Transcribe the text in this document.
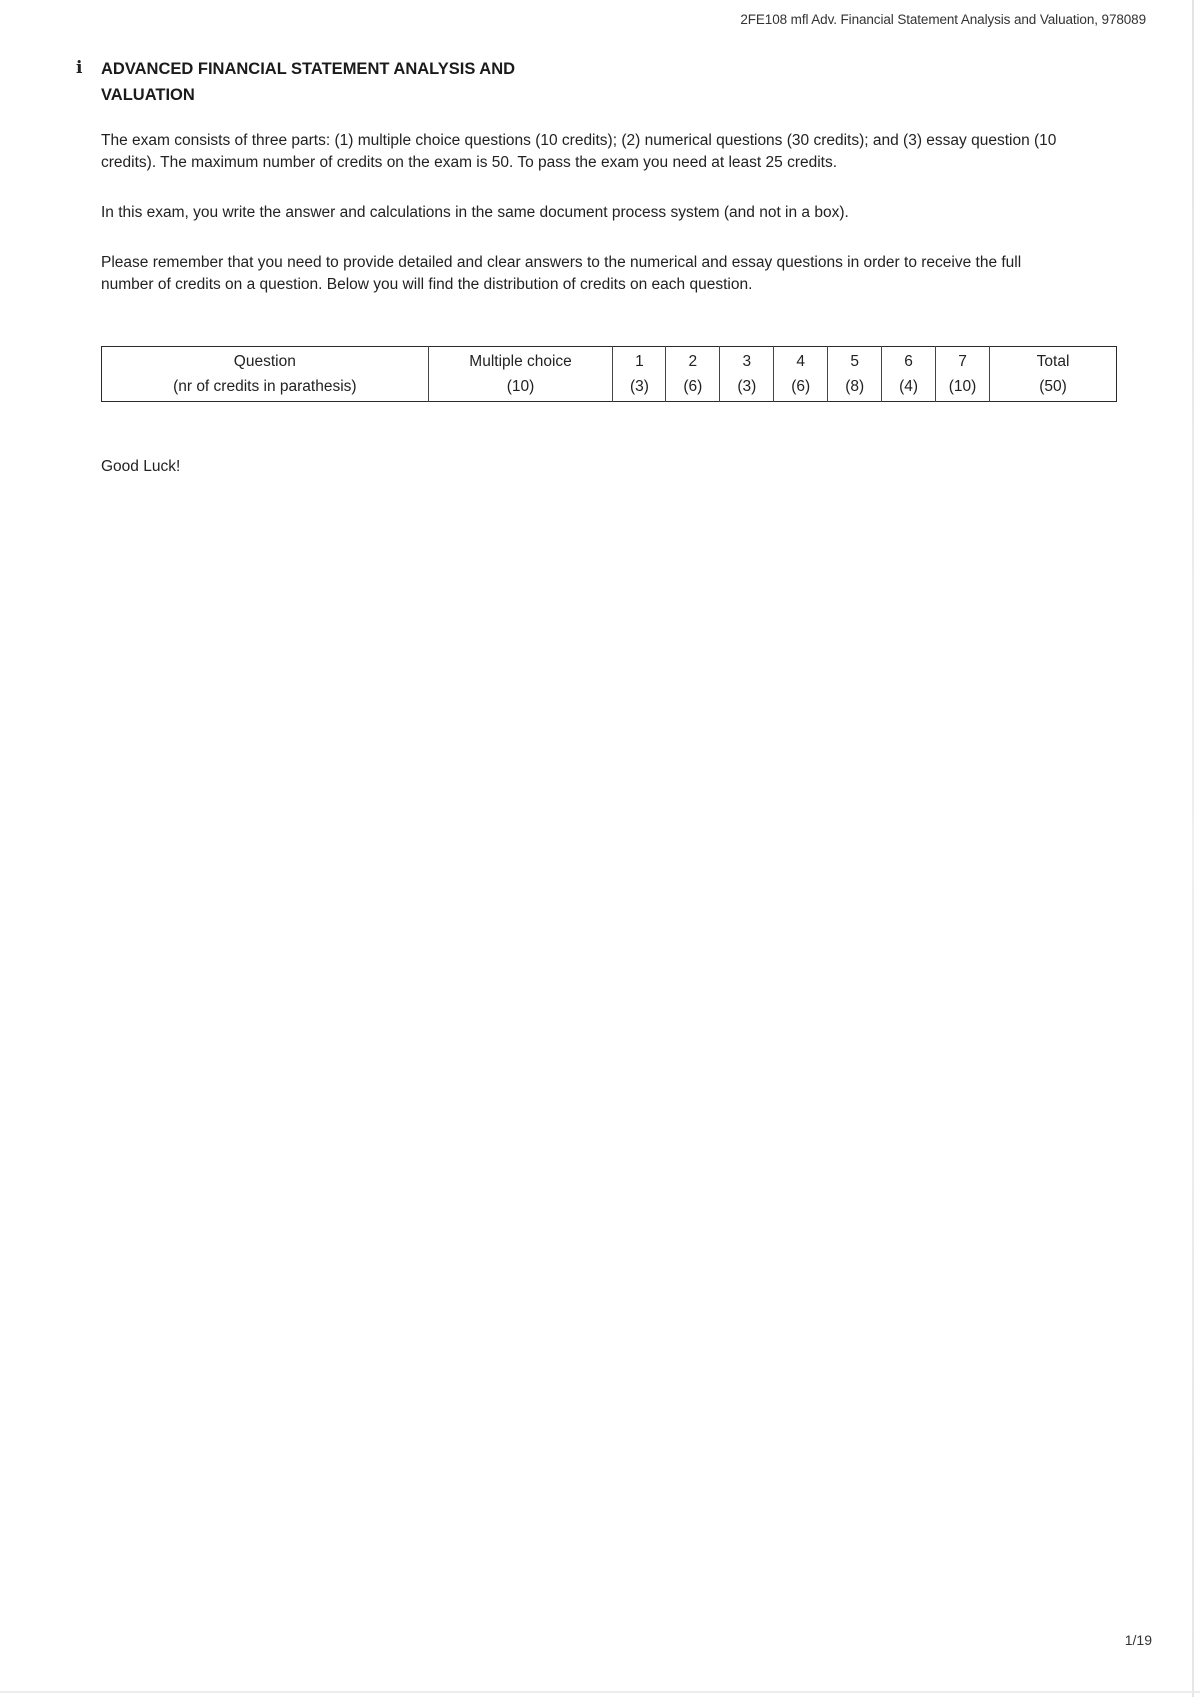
2FE108 mfl Adv. Financial Statement Analysis and Valuation, 978089
i	ADVANCED FINANCIAL STATEMENT ANALYSIS AND
VALUATION

The exam consists of three parts: (1) multiple choice questions (10 credits); (2) numerical questions (30 credits); and (3) essay question (10 credits). The maximum number of credits on the exam is 50. To pass the exam you need at least 25 credits.

In this exam, you write the answer and calculations in the same document process system (and not in a box).

Please remember that you need to provide detailed and clear answers to the numerical and essay questions in order to receive the full number of credits on a question. Below you will find the distribution of credits on each question.

Question	Multiple choice	1	2	3	4	5	6	7	Total
(nr of credits in parathesis)	(10)	(3)	(6)	(3)	(6)	(8)	(4)	(10)	(50)

Good Luck!

1/19
